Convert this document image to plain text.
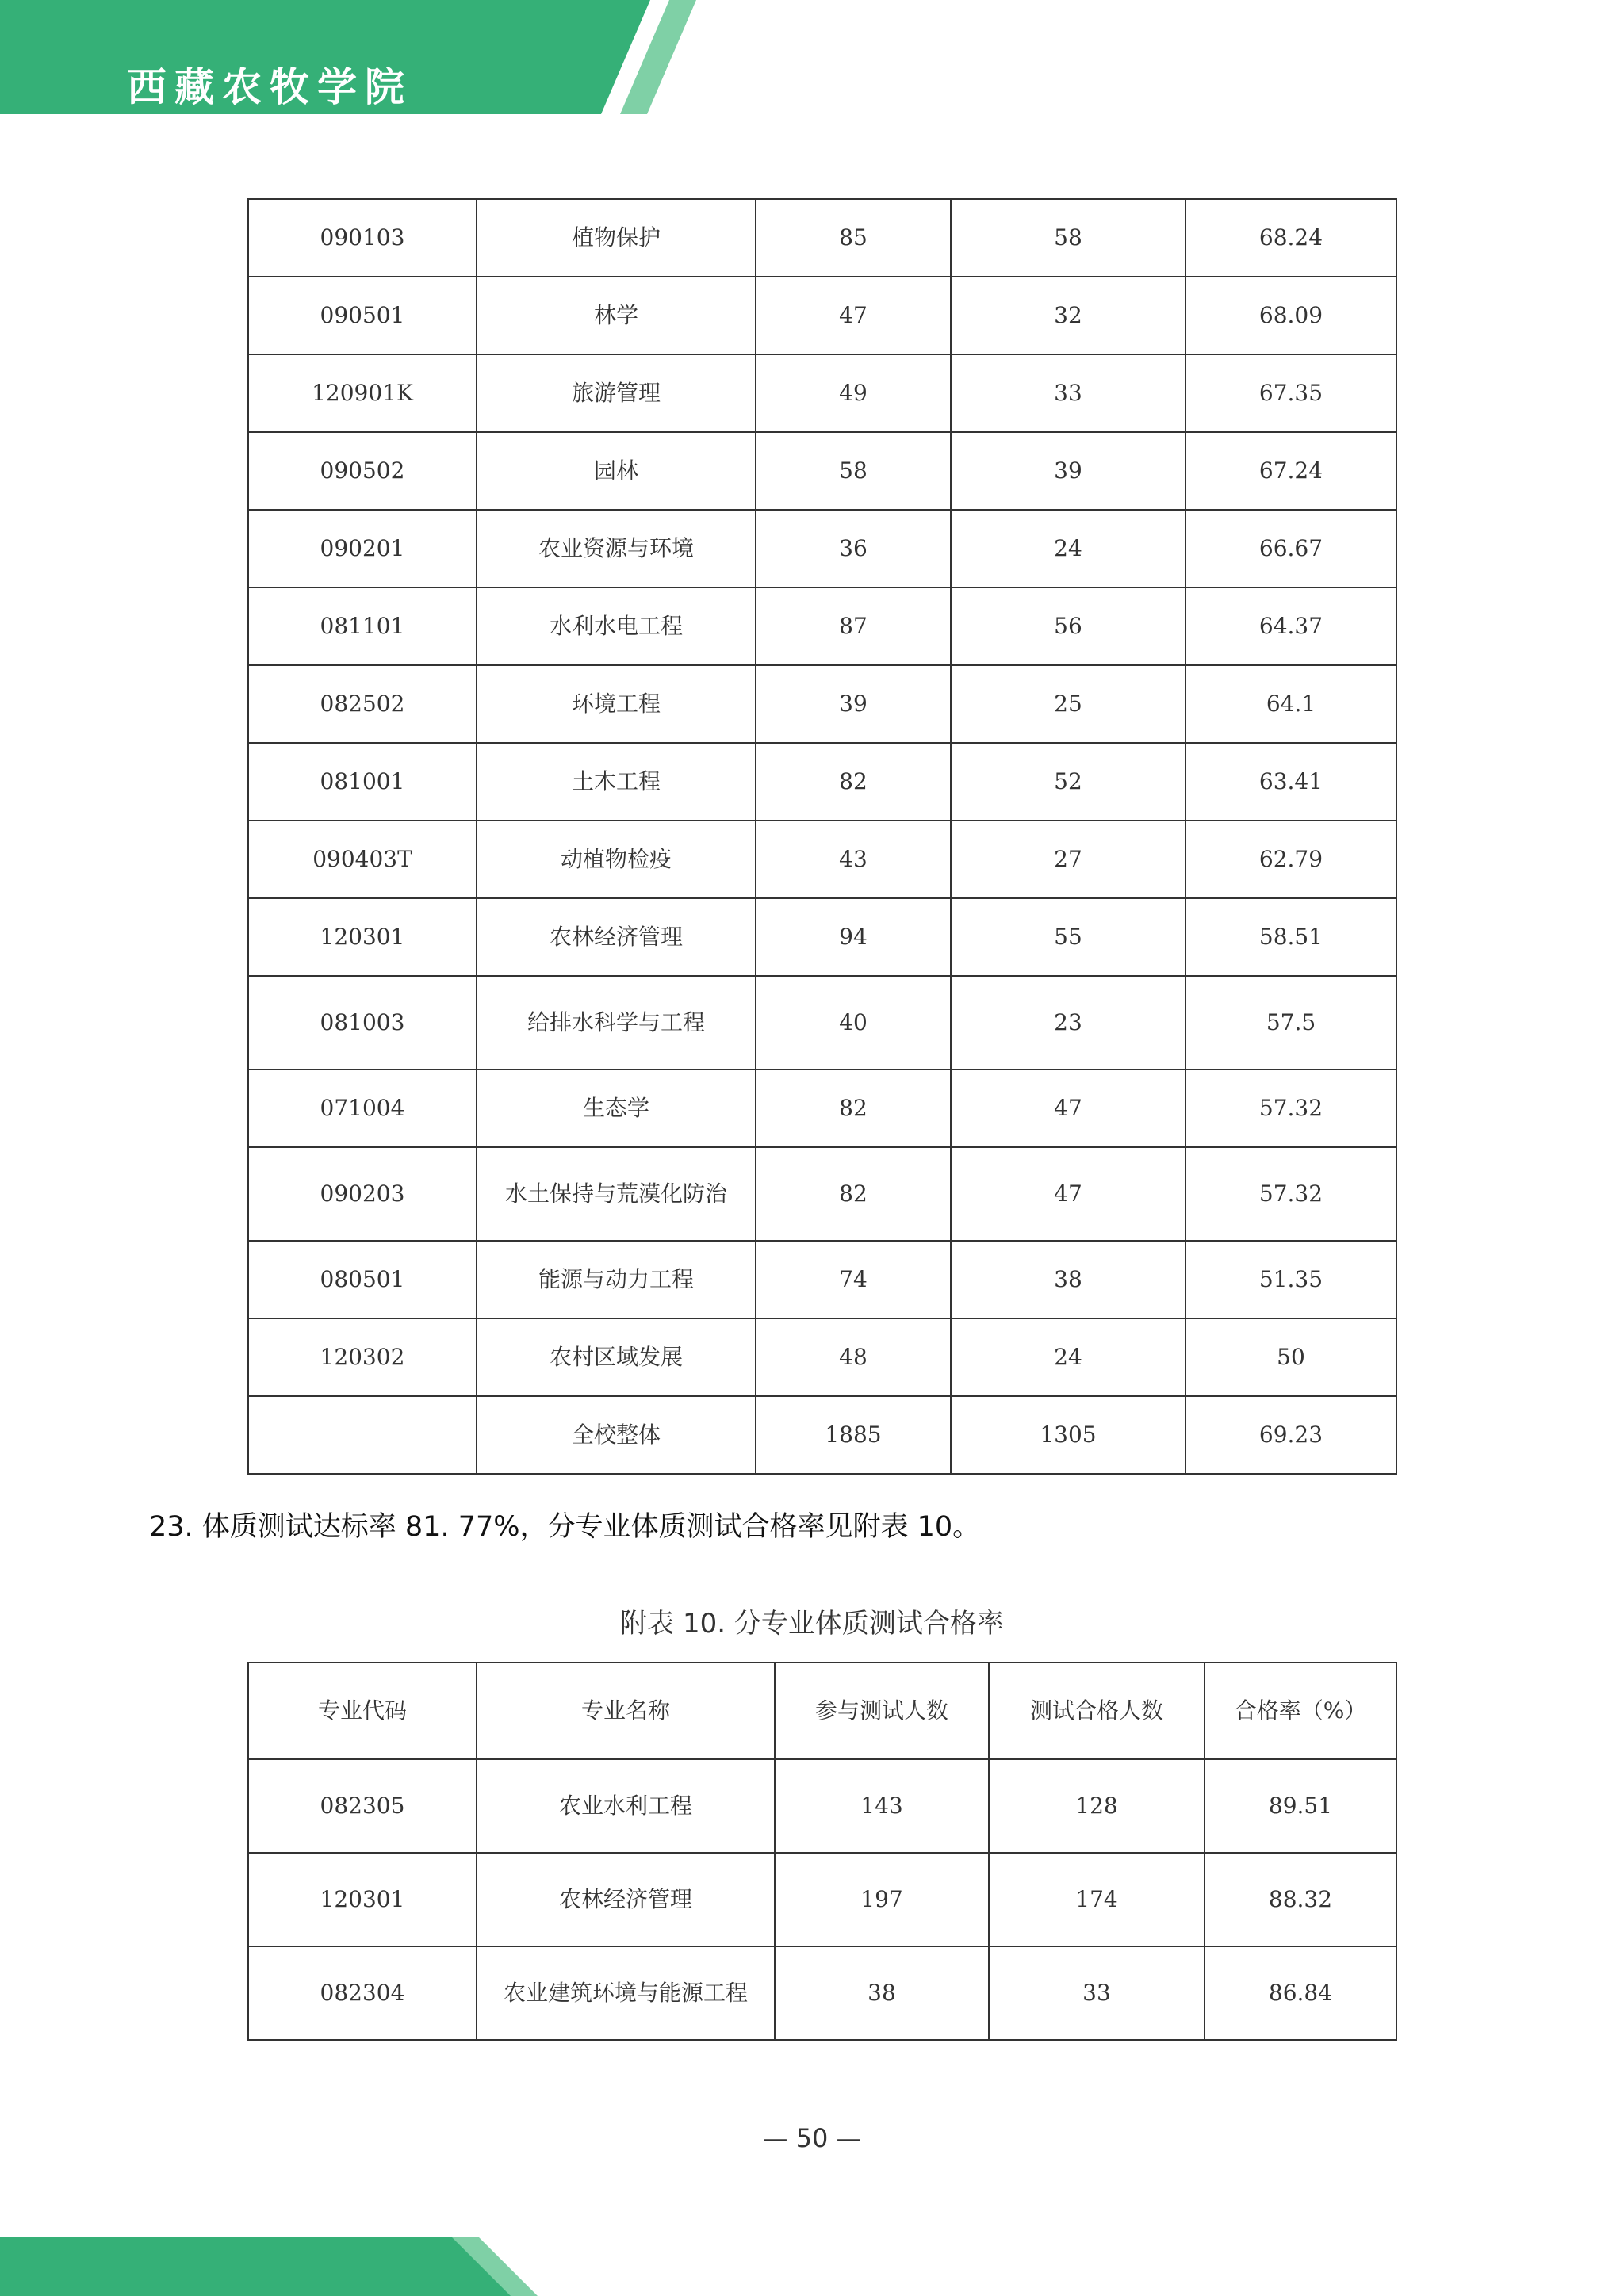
西藏农牧学院
090103	植物保护	85	58	68.24
090501	林学	47	32	68.09
120901K	旅游管理	49	33	67.35
090502	园林	58	39	67.24
090201	农业资源与环境	36	24	66.67
081101	水利水电工程	87	56	64.37
082502	环境工程	39	25	64.1
081001	土木工程	82	52	63.41
090403T	动植物检疫	43	27	62.79
120301	农林经济管理	94	55	58.51
081003	给排水科学与工程	40	23	57.5
071004	生态学	82	47	57.32
090203	水土保持与荒漠化防治	82	47	57.32
080501	能源与动力工程	74	38	51.35
120302	农村区域发展	48	24	50
	全校整体	1885	1305	69.23
23. 体质测试达标率 81. 77%，分专业体质测试合格率见附表 10。
附表 10. 分专业体质测试合格率
专业代码	专业名称	参与测试人数	测试合格人数	合格率（%）
082305	农业水利工程	143	128	89.51
120301	农林经济管理	197	174	88.32
082304	农业建筑环境与能源工程	38	33	86.84
— 50 —
